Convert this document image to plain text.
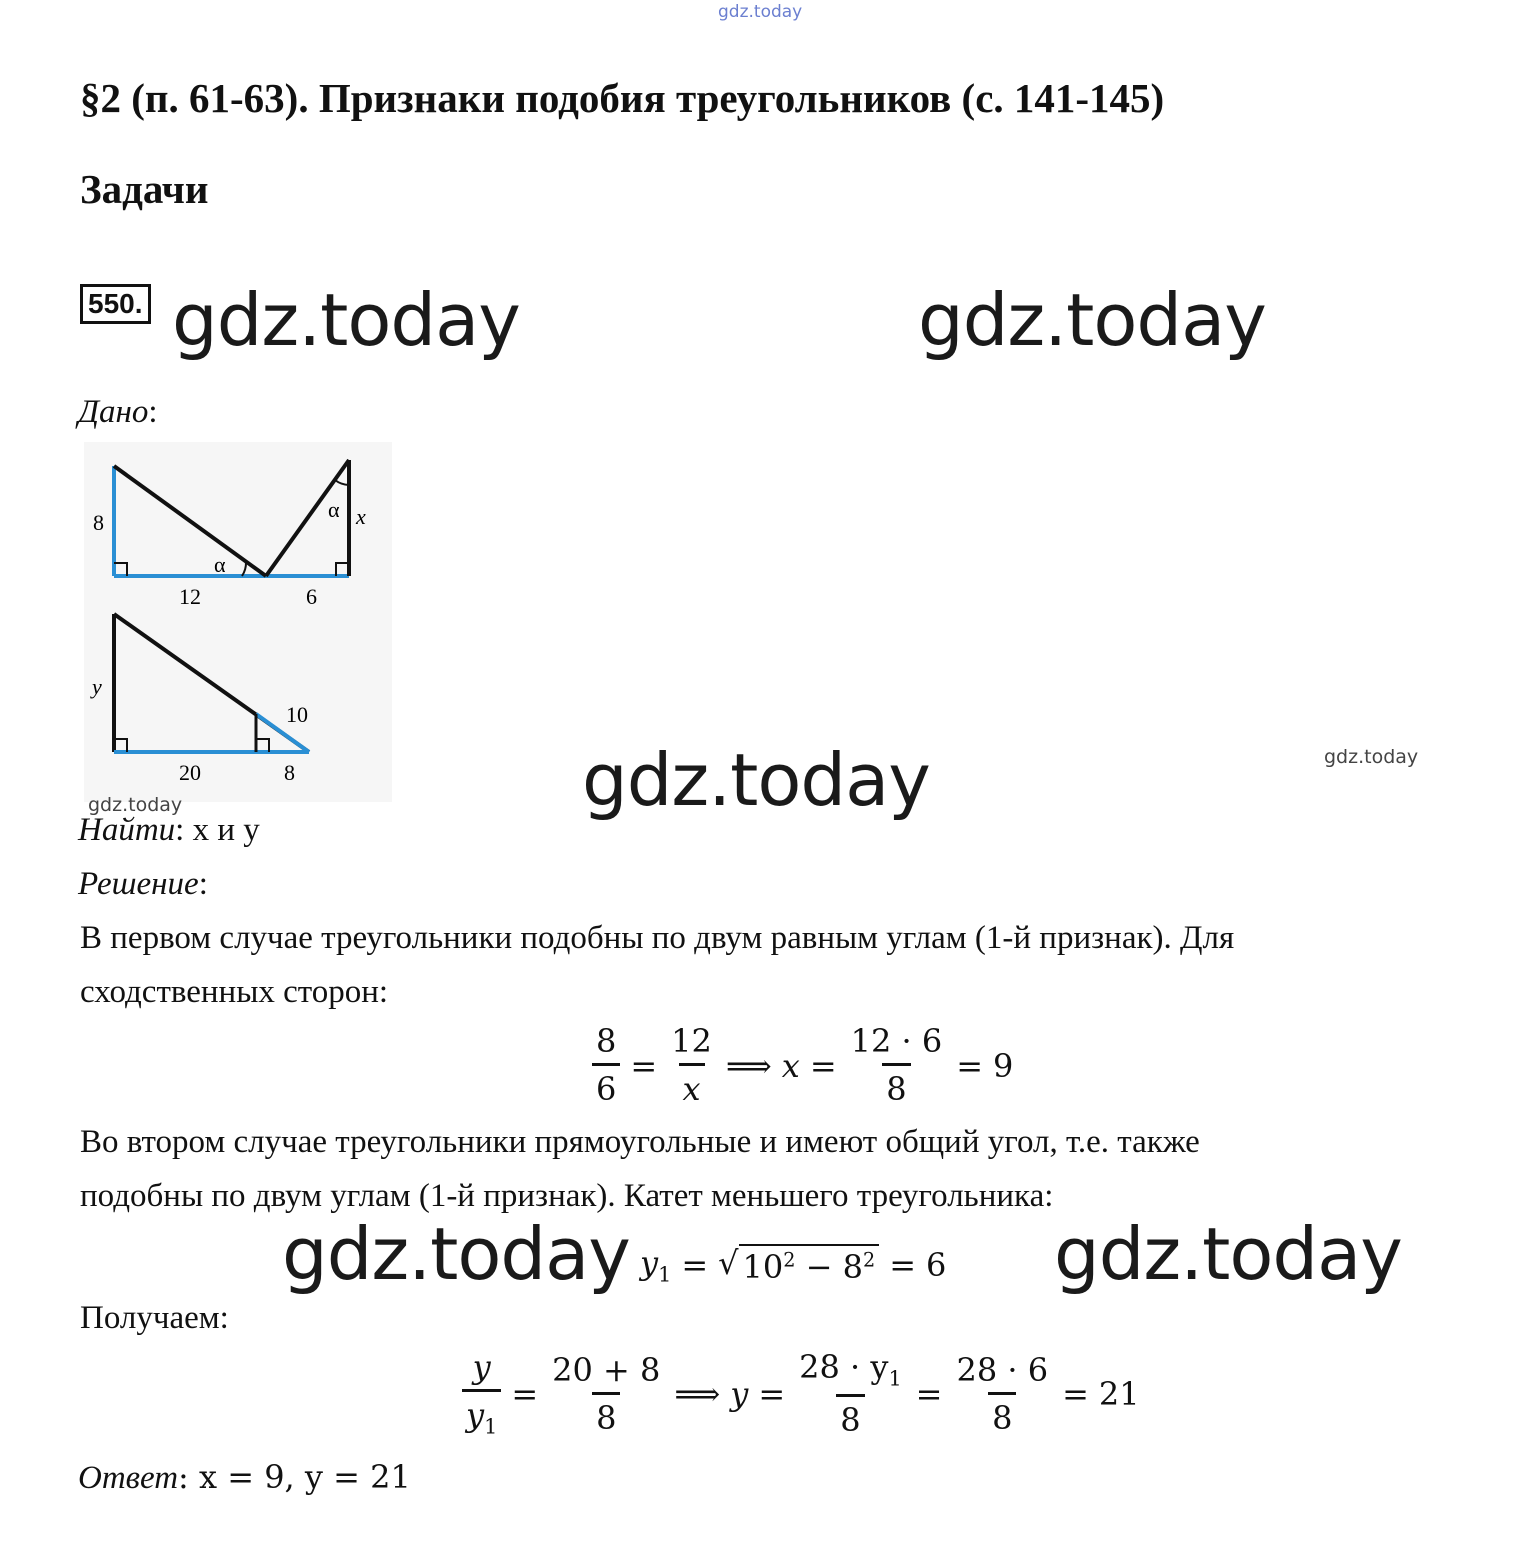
gdz.today
gdz.today	gdz.today
gdz.today
gdz.today	gdz.today
gdz.today
§2 (п. 61-63). Признаки подобия треугольников (с. 141-145)
Задачи
550.
Дано:
8
12	6
α
α x
y
10
20	8
gdz.today
Найти: x и y
Решение:
В первом случае треугольники подобны по двум равным углам (1-й признак). Для
сходственных сторон:
$\frac{8}{6} = \frac{12}{x}$ ⟹ $x = \frac{12 \cdot 6}{8} = 9$
Во втором случае треугольники прямоугольные и имеют общий угол, т.е. также
подобны по двум углам (1-й признак). Катет меньшего треугольника:
$y_1$ = √ $10^2 - 8^2 = 6$
Получаем:
$\frac{y}{y_1} = \frac{20 + 8}{8}$ ⟹ $y = \frac{28 \cdot y_1}{8} = \frac{28 \cdot 6}{8} = 21$
Ответ: x = 9, y = 21
